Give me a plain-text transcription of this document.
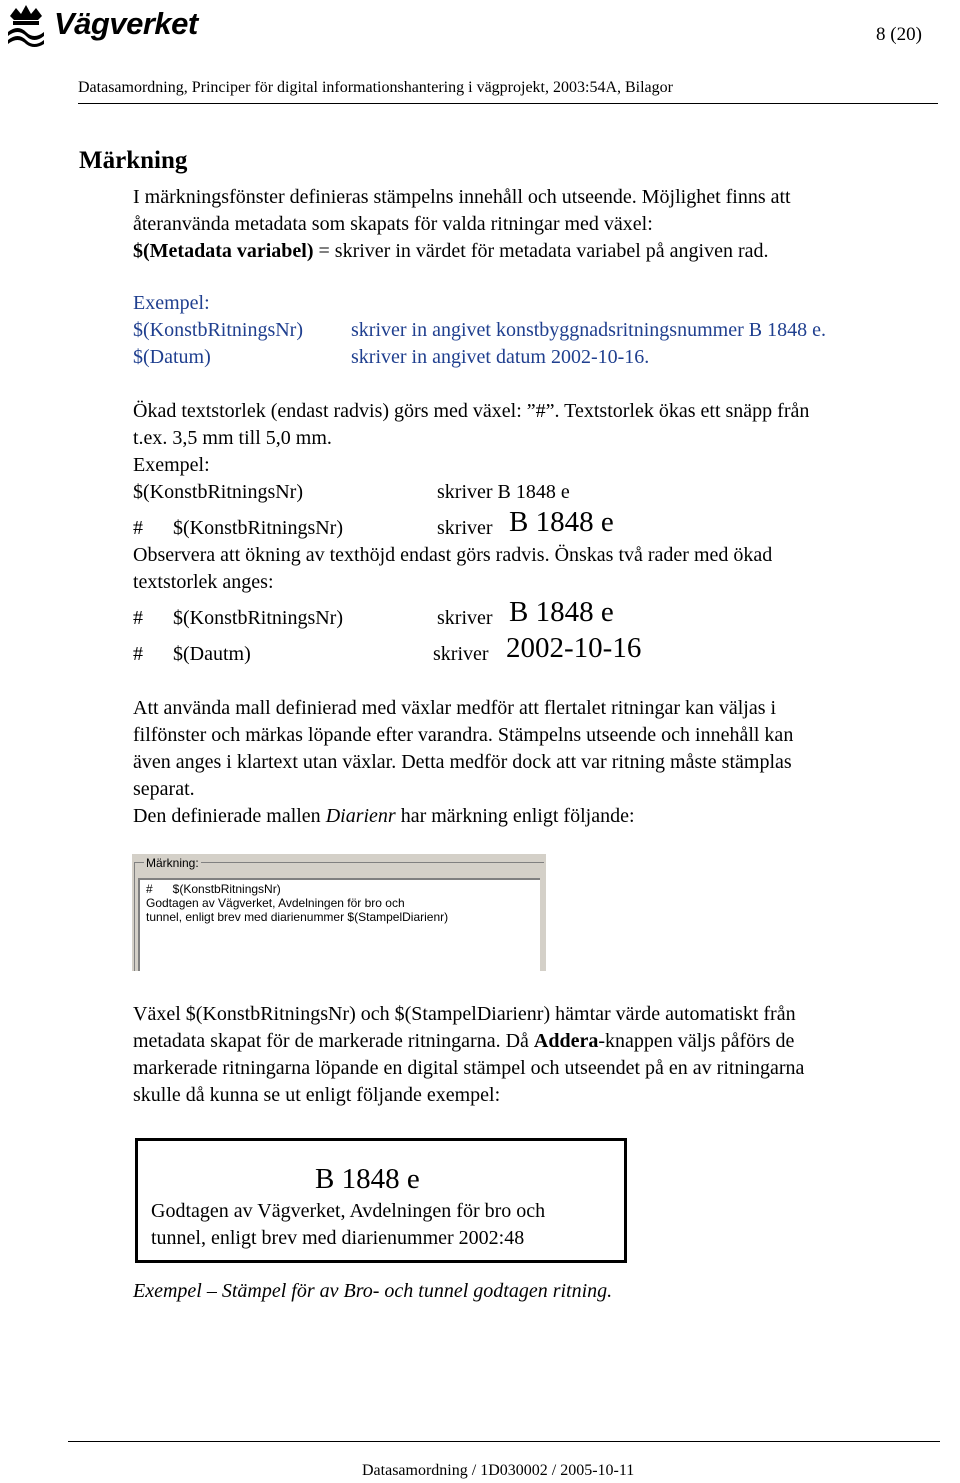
Vägverket	8 (20)
Datasamordning, Principer för digital informationshantering i vägprojekt, 2003:54A, Bilagor
Märkning
I märkningsfönster definieras stämpelns innehåll och utseende. Möjlighet finns att
återanvända metadata som skapats för valda ritningar med växel:
$(Metadata variabel) = skriver in värdet för metadata variabel på angiven rad.
Exempel:
$(KonstbRitningsNr) skriver in angivet konstbyggnadsritningsnummer B 1848 e.
$(Datum)	skriver in angivet datum 2002-10-16.
Ökad textstorlek (endast radvis) görs med växel: ”#”. Textstorlek ökas ett snäpp från
t.ex. 3,5 mm till 5,0 mm.
Exempel:
$(KonstbRitningsNr)	skriver B 1848 e
# $(KonstbRitningsNr)	skriver B 1848 e
Observera att ökning av texthöjd endast görs radvis. Önskas två rader med ökad
textstorlek anges:
# $(KonstbRitningsNr)	skriver B 1848 e
# $(Dautm)	skriver 2002-10-16
Att använda mall definierad med växlar medför att flertalet ritningar kan väljas i
filfönster och märkas löpande efter varandra. Stämpelns utseende och innehåll kan
även anges i klartext utan växlar. Detta medför dock att var ritning måste stämplas
separat.
Den definierade mallen Diarienr har märkning enligt följande:
Märkning:
#      $(KonstbRitningsNr)
Godtagen av Vägverket, Avdelningen för bro och
tunnel, enligt brev med diarienummer $(StampelDiarienr)
Växel $(KonstbRitningsNr) och $(StampelDiarienr) hämtar värde automatiskt från
metadata skapat för de markerade ritningarna. Då Addera-knappen väljs påförs de
markerade ritningarna löpande en digital stämpel och utseendet på en av ritningarna
skulle då kunna se ut enligt följande exempel:
B 1848 e
Godtagen av Vägverket, Avdelningen för bro och
tunnel, enligt brev med diarienummer 2002:48
Exempel – Stämpel för av Bro- och tunnel godtagen ritning.
Datasamordning / 1D030002 / 2005-10-11
